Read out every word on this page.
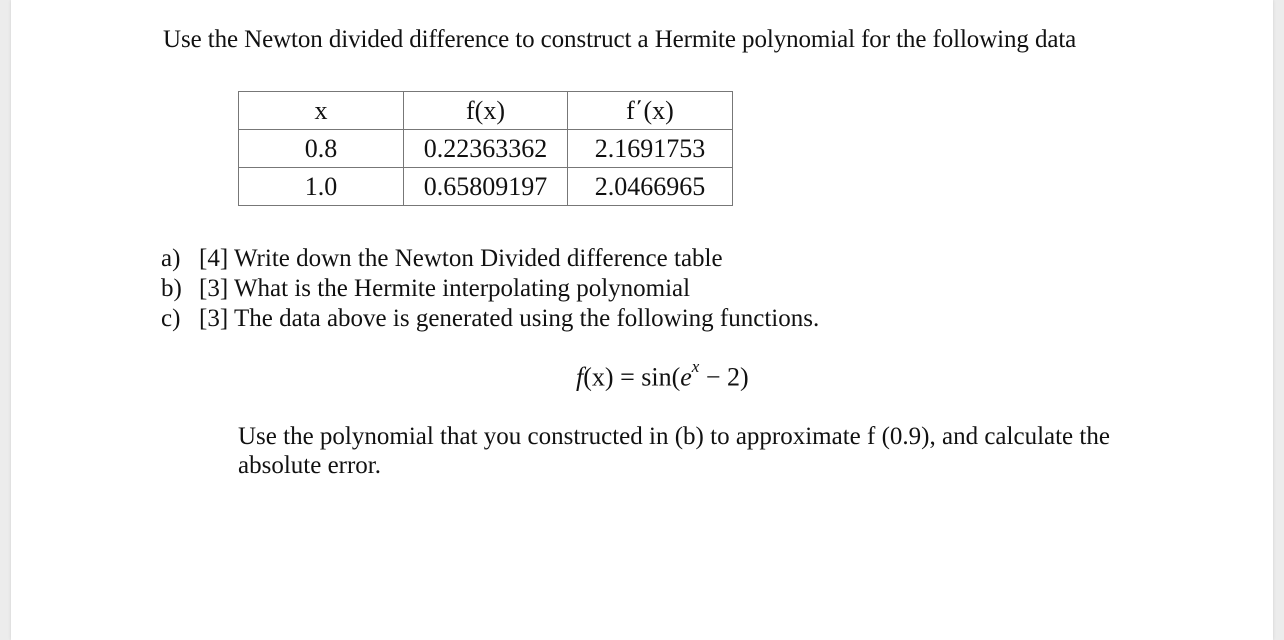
Use the Newton divided difference to construct a Hermite polynomial for the following data
x	f(x)	f΄(x)
0.8	0.22363362	2.1691753
1.0	0.65809197	2.0466965
a) [4] Write down the Newton Divided difference table
b) [3] What is the Hermite interpolating polynomial
c) [3] The data above is generated using the following functions.
$f(x) = \sin(e^x - 2)$
Use the polynomial that you constructed in (b) to approximate f (0.9), and calculate the absolute error.
